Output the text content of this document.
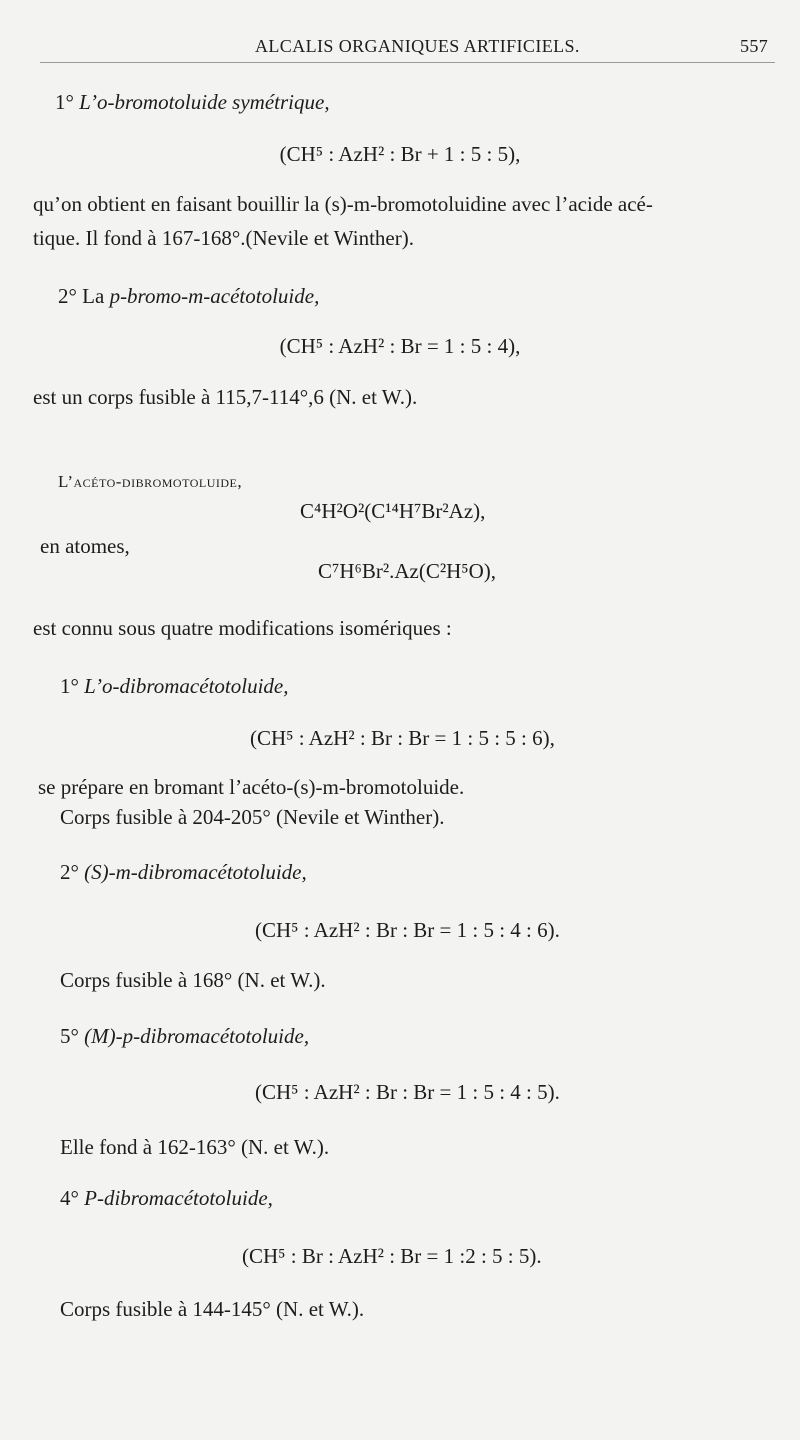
ALCALIS ORGANIQUES ARTIFICIELS.	557
1° L’o-bromotoluide symétrique,
(CH⁵ : AzH² : Br + 1 : 5 : 5),
qu’on obtient en faisant bouillir la (s)-m-bromotoluidine avec l’acide acé-
tique. Il fond à 167-168°.(Nevile et Winther).
2° La p-bromo-m-acétotoluide,
(CH⁵ : AzH² : Br = 1 : 5 : 4),
est un corps fusible à 115,7-114°,6 (N. et W.).
L’acéto-dibromotoluide,
C⁴H²O²(C¹⁴H⁷Br²Az),
en atomes,
C⁷H⁶Br².Az(C²H⁵O),
est connu sous quatre modifications isomériques :
1° L’o-dibromacétotoluide,
(CH⁵ : AzH² : Br : Br = 1 : 5 : 5 : 6),
se prépare en bromant l’acéto-(s)-m-bromotoluide.
Corps fusible à 204-205° (Nevile et Winther).
2° (S)-m-dibromacétotoluide,
(CH⁵ : AzH² : Br : Br = 1 : 5 : 4 : 6).
Corps fusible à 168° (N. et W.).
5° (M)-p-dibromacétotoluide,
(CH⁵ : AzH² : Br : Br = 1 : 5 : 4 : 5).
Elle fond à 162-163° (N. et W.).
4° P-dibromacétotoluide,
(CH⁵ : Br : AzH² : Br = 1 :2 : 5 : 5).
Corps fusible à 144-145° (N. et W.).
